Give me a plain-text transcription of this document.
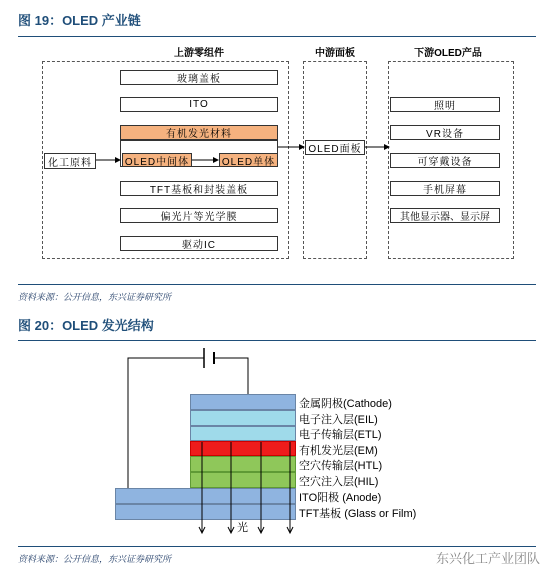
图 19：OLED 产业链
上游零组件	中游面板	下游OLED产品
化工原料
玻璃盖板
ITO
有机发光材料
OLED中间体	OLED单体
TFT基板和封装盖板
偏光片等光学膜
驱动IC
OLED面板
照明
VR设备
可穿戴设备
手机屏幕
其他显示器、显示屏
资料来源：公开信息，东兴证券研究所
图 20：OLED 发光结构
光
金属阴极(Cathode)
电子注入层(EIL)
电子传输层(ETL)
有机发光层(EM)
空穴传输层(HTL)
空穴注入层(HIL)
ITO阳极 (Anode)
TFT基板 (Glass or Film)
资料来源：公开信息，东兴证券研究所	东兴化工产业团队
